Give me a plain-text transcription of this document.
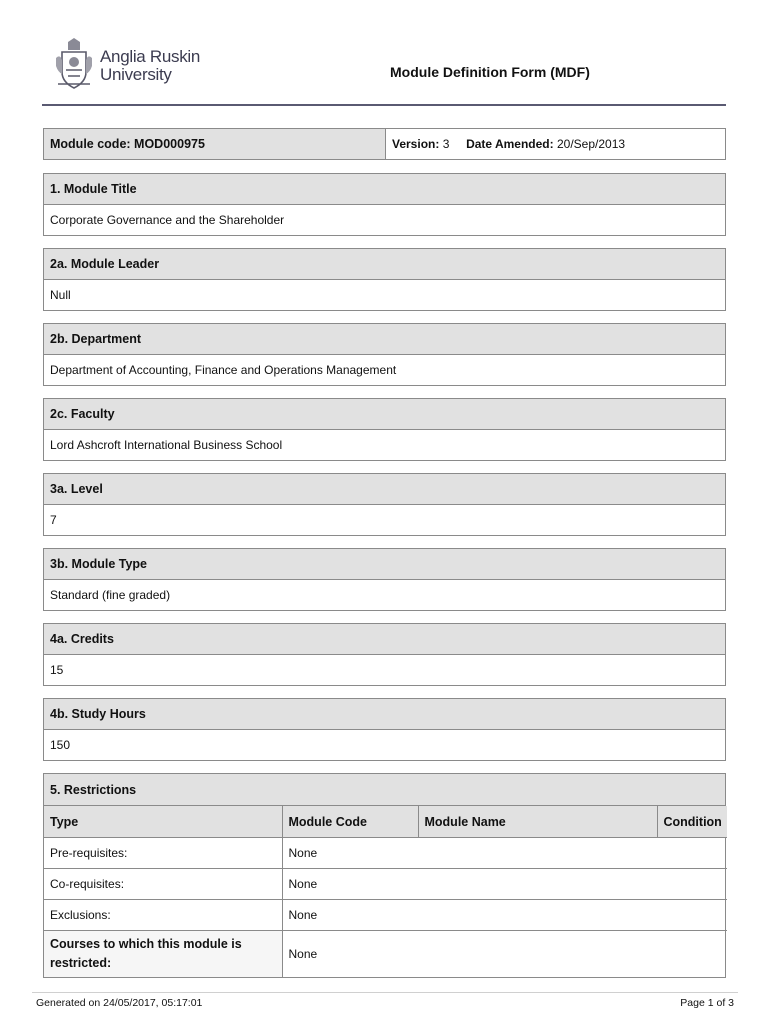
Anglia Ruskin
University	Module Definition Form (MDF)
Module code: MOD000975	Version: 3 Date Amended: 20/Sep/2013
1. Module Title
Corporate Governance and the Shareholder
2a. Module Leader
Null
2b. Department
Department of Accounting, Finance and Operations Management
2c. Faculty
Lord Ashcroft International Business School
3a. Level
7
3b. Module Type
Standard (fine graded)
4a. Credits
15
4b. Study Hours
150
5. Restrictions
Type	Module Code	Module Name	Condition
Pre-requisites:	None		
Co-requisites:	None		
Exclusions:	None		
Courses to which this module is restricted:	None		
Generated on 24/05/2017, 05:17:01	Page 1 of 3
